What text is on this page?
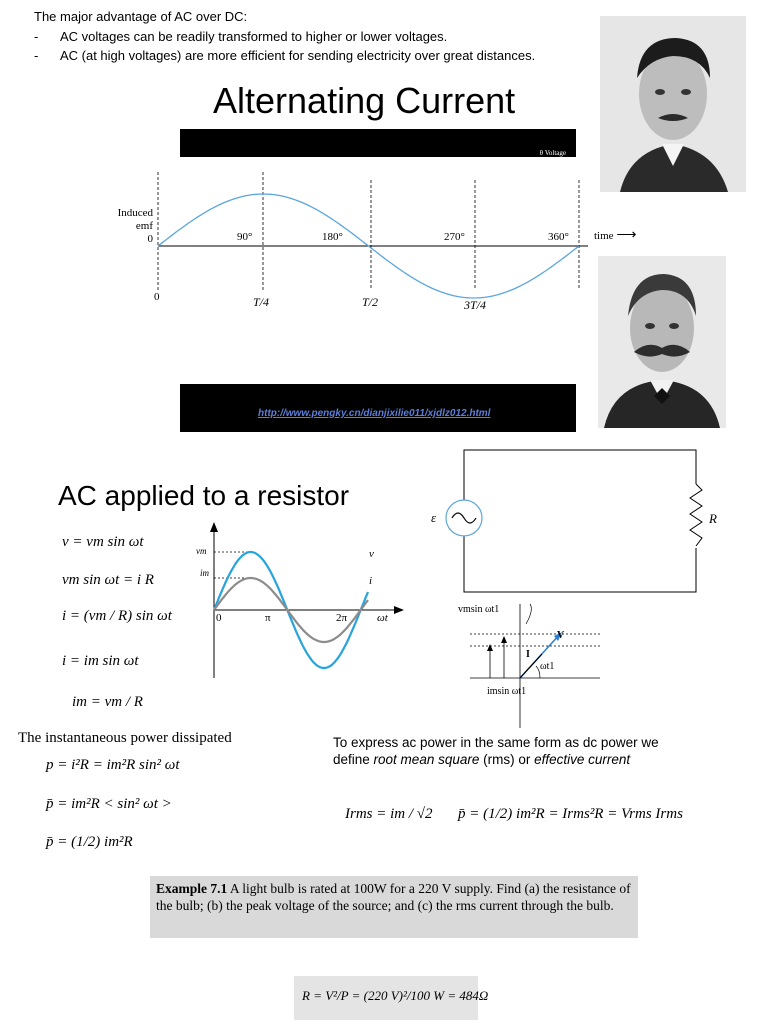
The major advantage of AC over DC:
- AC voltages can be readily transformed to higher or lower voltages.
- AC (at high voltages) are more efficient for sending electricity over great distances.
Alternating Current
θ Voltage
Induced
emf
0	90°	180°	270°	360° time ⟶
0	T/4	T/2	3T/4
http://www.pengky.cn/dianjixilie011/xjdlz012.html
AC applied to a resistor
ε	R
v = vm sin ωt
vm sin ωt = i R
i = (vm / R) sin ωt
i = im sin ωt
im = vm / R
vm
im
v
i
0	π	2π	ωt
vmsin ωt1
imsin ωt1
V
I
ωt1
The instantaneous power dissipated
p = i²R = im²R sin² ωt
p̄ = im²R < sin² ωt >
p̄ = (1/2) im²R
To express ac power in the same form as dc power we
define root mean square (rms) or effective current
Irms = im / √2 p̄ = (1/2) im²R = Irms²R = Vrms Irms
Example 7.1 A light bulb is rated at 100W for a 220 V supply. Find (a) the resistance of the bulb; (b) the peak voltage of the source; and (c) the rms current through the bulb.
R = V²/P = (220 V)²/100 W = 484Ω
